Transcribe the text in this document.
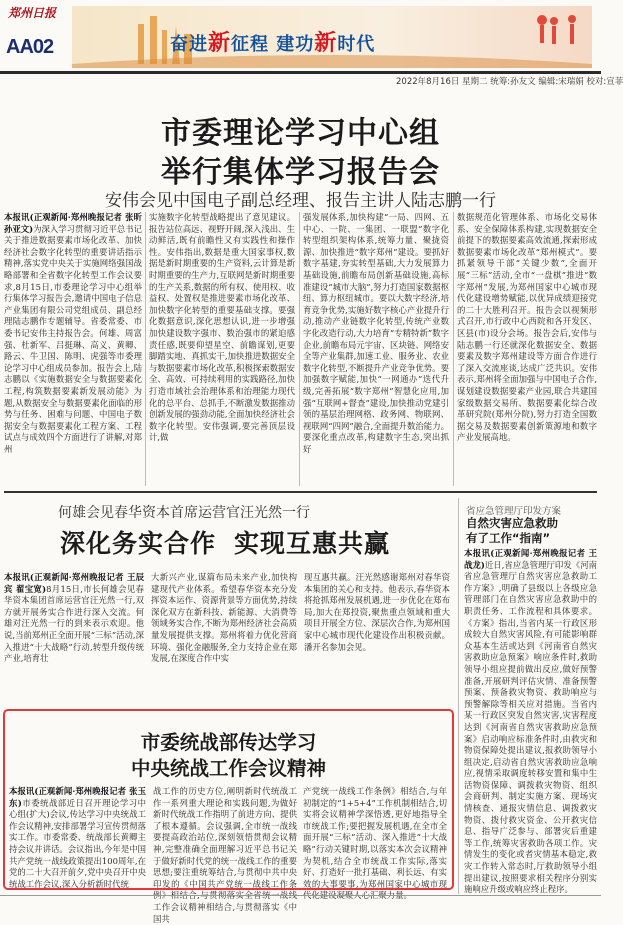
郑州日报
AA02	奋进新征程 建功新时代
2022年8月16日 星期二 统筹:孙友文 编辑:宋瑞娟 校对:宣菲
市委理论学习中心组
举行集体学习报告会
安伟会见中国电子副总经理、报告主讲人陆志鹏一行
本报讯(正观新闻·郑州晚报记者 张昕 孙亚文)为深入学习贯彻习近平总书记关于推进数据要素市场化改革、加快经济社会数字化转型的重要讲话指示精神,落实党中央关于实施网络强国战略部署和全省数字化转型工作会议要求,8月15日,市委理论学习中心组举行集体学习报告会,邀请中国电子信息产业集团有限公司党组成员、副总经理陆志鹏作专题辅导。省委常委、市委书记安伟主持报告会。何雄、周富强、杜新军、吕挺琳、高义、黄卿、路云、牛卫国、陈明、虎强等市委理论学习中心组成员参加。报告会上,陆志鹏以《实施数据安全与数据要素化工程,构筑数据要素新发展动能》为题,从数据安全与数据要素化面临的形势与任务、困难与问题、中国电子数据安全与数据要素化工程方案、工程试点与成效四个方面进行了讲解,对郑州
实施数字化转型战略提出了意见建议。报告站位高远、视野开阔,深入浅出、生动鲜活,既有前瞻性又有实践性和操作性。安伟指出,数据是重大国家事权,数据是新时期重要的生产资料,云计算是新时期重要的生产力,互联网是新时期重要的生产关系,数据的所有权、使用权、收益权、处置权是推进要素市场化改革、加快数字化转型的重要基础支撑。要强化数据意识,深化思想认识,进一步增强加快建设数字强市、数治强市的紧迫感责任感,既要仰望星空、前瞻谋划,更要脚踏实地、真抓实干,加快推进数据安全与数据要素市场化改革,积极探索数据安全、高效、可持续利用的实践路径,加快打造市域社会治理体系和治理能力现代化的总平台、总抓手,不断激发数据推动创新发展的强劲动能,全面加快经济社会数字化转型。安伟强调,要完善顶层设计,做
强发展体系,加快构建“一局、四网、五中心、一院、一集团、一联盟”数字化转型组织架构体系,统筹力量、聚拢资源、加快推进“数字郑州”建设。要抓好数字基建,夯实转型基础,大力发展算力基础设施,前瞻布局创新基础设施,高标准建设“城市大脑”,努力打造国家数据枢纽、算力枢纽城市。要以大数字经济,培育竞争优势,实施好数字核心产业提升行动,推动产业链数字化转型,传统产业数字化改造行动,大力培育“专精特新”数字企业,前瞻布局元宇宙、区块链、网络安全等产业集群,加速工业、服务业、农业数字化转型,不断提升产业竞争优势。要加强数字赋能,加快“一网通办”迭代升级,完善拓展“数字郑州”智慧化应用,加强“互联网+督查”建设,加快推动党建引领的基层治理网格、政务网、物联网、视联网“四网”融合,全面提升数治能力。要深化重点改革,构建数字生态,突出抓好
数据规范化管理体系、市场化交易体系、安全保障体系构建,实现数据安全前提下的数据要素高效流通,探索形成数据要素市场化改革“郑州模式”。要抓紧领导干部“关键少数”,全面开展“三标”活动,全市“一盘棋”推进“数字郑州”发展,为郑州国家中心城市现代化建设增势赋能,以优异成绩迎接党的二十大胜利召开。报告会以视频形式召开,市行政中心西院和各开发区、区县(市)设分会场。报告会后,安伟与陆志鹏一行还就深化数据安全、数据要素及数字郑州建设等方面合作进行了深入交流座谈,达成广泛共识。安伟表示,郑州将全面加强与中国电子合作,谋划建设数据要素产业园,联合共建国家级数据交易所、数据要素化综合改革研究院(郑州分院),努力打造全国数据交易及数据要素创新策源地和数字产业发展高地。
何雄会见春华资本首席运营官汪光然一行
深化务实合作 实现互惠共赢
本报讯(正观新闻·郑州晚报记者 王辰宾 翟宝宽)8月15日,市长何雄会见春华资本集团首席运营官汪光然一行,双方就开展务实合作进行深入交流。何雄对汪光然一行的到来表示欢迎。他说,当前郑州正全面开展“三标”活动,深入推进“十大战略”行动,转型升级传统产业,培育壮
大新兴产业,谋篇布局未来产业,加快构建现代产业体系。希望春华资本充分发挥资本运作、资源背景等方面优势,持续深化双方在新科技、新能源、大消费等领域务实合作,不断为郑州经济社会高质量发展提供支撑。郑州将着力优化营商环境、强化金融服务,全力支持企业在郑发展,在深度合作中实
现互惠共赢。汪光然感谢郑州对春华资本集团的关心和支持。他表示,春华资本将抢抓郑州发展机遇,进一步优化在郑布局,加大在郑投资,聚焦重点领域和重大项目开展全方位、深层次合作,为郑州国家中心城市现代化建设作出积极贡献。潘开名参加会见。
省应急管理厅印发方案
自然灾害应急救助
有了工作“指南”
本报讯(正观新闻·郑州晚报记者 王战龙)近日,省应急管理厅印发《河南省应急管理厅自然灾害应急救助工作方案》,明确了县级以上各级应急管理部门在自然灾害应急救助中的职责任务、工作流程和具体要求。《方案》指出,当省内某一行政区形成较大自然灾害风险,有可能影响群众基本生活或达到《河南省自然灾害救助应急预案》响应条件时,救助领导小组应提前做出反应,做好预警准备,开展研判评估灾情、准备预警预案、预备救灾物资、救助响应与预警解除等相关应对措施。当省内某一行政区突发自然灾害,灾害程度达到《河南省自然灾害救助应急预案》启动响应标准条件时,由救灾和物资保障处提出建议,报救助领导小组决定,启动省自然灾害救助应急响应,视情采取调度转移安置和集中生活物资保障、调拨救灾物资、组织会商研判、制定实施方案、现场灾情核查、通报灾情信息、调拨救灾物资、拨付救灾资金、公开救灾信息、指导广泛参与、部署灾后重建等工作,统筹灾害救助各项工作。灾情发生的变化或者灾情基本稳定,救灾工作转入常态时,厅救助领导小组提出建议,按照要求相关程序分别实施响应升级或响应终止程序。
市委统战部传达学习
中央统战工作会议精神
本报讯(正观新闻·郑州晚报记者 张玉东)市委统战部近日召开理论学习中心组(扩大)会议,传达学习中央统战工作会议精神,安排部署学习宣传贯彻落实工作。市委常委、统战部长黄卿主持会议并讲话。会议指出,今年是中国共产党统一战线政策提出100周年,在党的二十大召开前夕,党中央召开中央统战工作会议,深入分析新时代统
战工作的历史方位,阐明新时代统战工作一系列重大理论和实践问题,为做好新时代统战工作指明了前进方向、提供了根本遵循。会议强调,全市统一战线要提高政治站位,深刻领悟贯彻会议精神,完整准确全面理解习近平总书记关于做好新时代党的统一战线工作的重要思想;要注重统筹结合,与贯彻中共中央印发的《中国共产党统一战线工作条 工作会议精神相结合,与贯彻落实《中国共
产党统一战线工作条例》相结合,与年初制定的“1+5+4”工作机制相结合,切实将会议精神学深悟透,更好地指导全市统战工作;要把握发展机遇,在全市全面开展“三标”活动、深入推进“十大战略”行动关键时期,以落实本次会议精神为契机,结合全市统战工作实际,落实好、打造好一批打基础、利长远、有实效的大事要事,为郑州国家中心城市现
